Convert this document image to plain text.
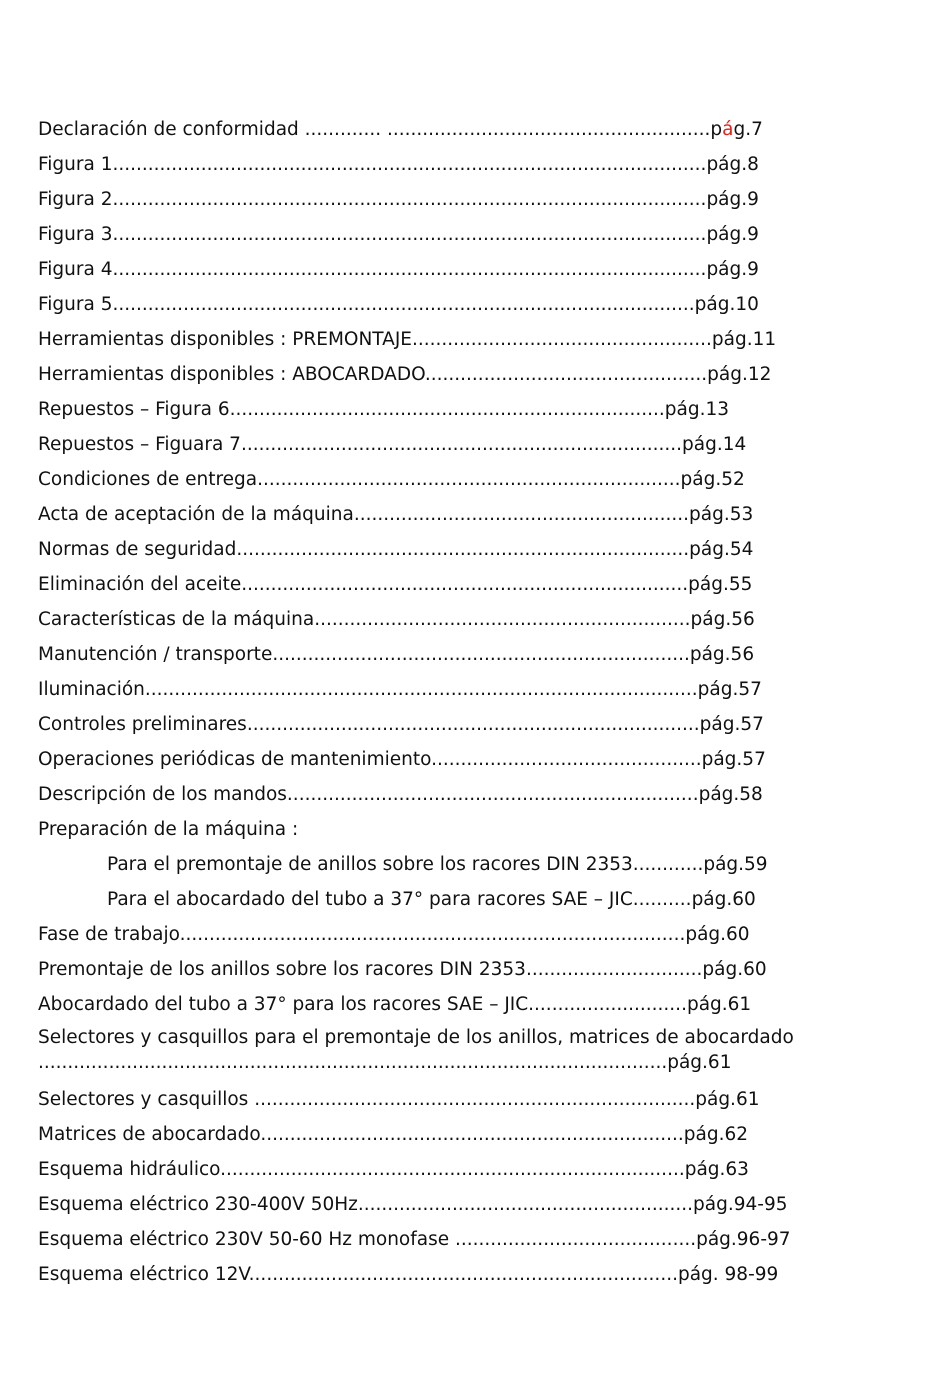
Declaración de conformidad ............. .......................................................pág.7
Figura 1.....................................................................................................pág.8
Figura 2.....................................................................................................pág.9
Figura 3.....................................................................................................pág.9
Figura 4.....................................................................................................pág.9
Figura 5...................................................................................................pág.10
Herramientas disponibles : PREMONTAJE...................................................pág.11
Herramientas disponibles : ABOCARDADO................................................pág.12
Repuestos – Figura 6..........................................................................pág.13
Repuestos – Figuara 7...........................................................................pág.14
Condiciones de entrega........................................................................pág.52
Acta de aceptación de la máquina.........................................................pág.53
Normas de seguridad.............................................................................pág.54
Eliminación del aceite............................................................................pág.55
Características de la máquina................................................................pág.56
Manutención / transporte.......................................................................pág.56
Iluminación..............................................................................................pág.57
Controles preliminares.............................................................................pág.57
Operaciones periódicas de mantenimiento..............................................pág.57
Descripción de los mandos......................................................................pág.58
Preparación de la máquina :
Para el premontaje de anillos sobre los racores DIN 2353............pág.59
Para el abocardado del tubo a 37° para racores SAE – JIC..........pág.60
Fase de trabajo......................................................................................pág.60
Premontaje de los anillos sobre los racores DIN 2353..............................pág.60
Abocardado del tubo a 37° para los racores SAE – JIC...........................pág.61
Selectores y casquillos para el premontaje de los anillos, matrices de abocardado
...........................................................................................................pág.61
Selectores y casquillos ...........................................................................pág.61
Matrices de abocardado........................................................................pág.62
Esquema hidráulico...............................................................................pág.63
Esquema eléctrico 230-400V 50Hz.........................................................pág.94-95
Esquema eléctrico 230V 50-60 Hz monofase .........................................pág.96-97
Esquema eléctrico 12V.........................................................................pág. 98-99
